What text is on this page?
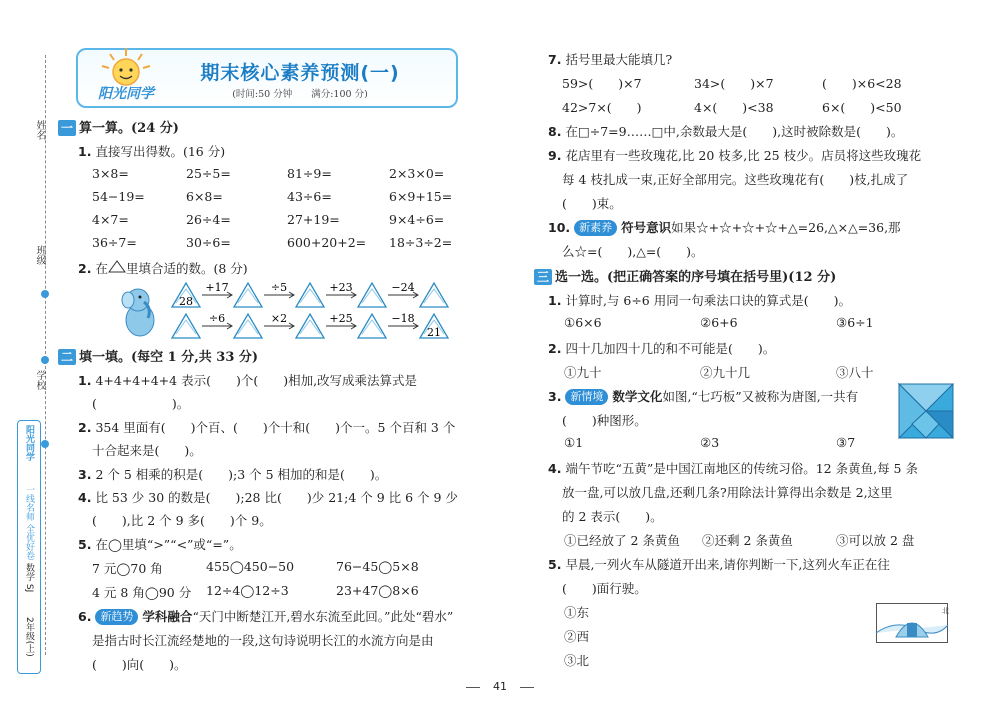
姓名
班级
学校
阳光同学
一线名师 全优好卷
数学 SJ
2年级(上)
阳光同学
期末核心素养预测(一)
(时间:50 分钟　　满分:100 分)
一 算一算。(24 分)
1. 直接写出得数。(16 分)
3×8=	25÷5=	81÷9=	2×3×0=
54−19=	6×8=	43÷6=	6×9+15=
4×7=	26÷4=	27+19=	9×4÷6=
36÷7=	30÷6=	600+20+2= 18÷3÷2=
2. 在 里填合适的数。(8 分)
28
+17	÷5	+23	−24
21
÷6	×2	+25	−18
二 填一填。(每空 1 分,共 33 分)
1. 4+4+4+4+4 表示(　　)个(　　)相加,改写成乘法算式是
(　　　　　　)。
2. 354 里面有(　　)个百、(　　)个十和(　　)个一。5 个百和 3 个
十合起来是(　　)。
3. 2 个 5 相乘的积是(　　);3 个 5 相加的和是(　　)。
4. 比 53 少 30 的数是(　　);28 比(　　)少 21;4 个 9 比 6 个 9 少
(　　),比 2 个 9 多(　　)个 9。
5. 在◯里填“>”“<”或“=”。
7 元◯70 角	455◯450−50	76−45◯5×8
4 元 8 角◯90 分 12÷4◯12÷3	23+47◯8×6
6. 新趋势 学科融合“天门中断楚江开,碧水东流至此回。”此处“碧水”
是指古时长江流经楚地的一段,这句诗说明长江的水流方向是由
(　　)向(　　)。
7. 括号里最大能填几?
59>(　　)×7	34>(　　)×7	(　　)×6<28
42>7×(　　)	4×(　　)<38	6×(　　)<50
8. 在□÷7=9……□中,余数最大是(　　),这时被除数是(　　)。
9. 花店里有一些玫瑰花,比 20 枝多,比 25 枝少。店员将这些玫瑰花
每 4 枝扎成一束,正好全部用完。这些玫瑰花有(　　)枝,扎成了
(　　)束。
10. 新素养 符号意识如果☆+☆+☆+☆+△=26,△×△=36,那
么☆=(　　),△=(　　)。
三 选一选。(把正确答案的序号填在括号里)(12 分)
1. 计算时,与 6÷6 用同一句乘法口诀的算式是(　　)。
①6×6	②6+6	③6÷1
2. 四十几加四十几的和不可能是(　　)。
①九十	②九十几	③八十
3. 新情境 数学文化如图,“七巧板”又被称为唐图,一共有
(　　)种图形。
①1	②3	③7
4. 端午节吃“五黄”是中国江南地区的传统习俗。12 条黄鱼,每 5 条
放一盘,可以放几盘,还剩几条?用除法计算得出余数是 2,这里
的 2 表示(　　)。
①已经放了 2 条黄鱼 ②还剩 2 条黄鱼	③可以放 2 盘
5. 早晨,一列火车从隧道开出来,请你判断一下,这列火车正在往
(　　)面行驶。
①东
②西
③北
北
41
